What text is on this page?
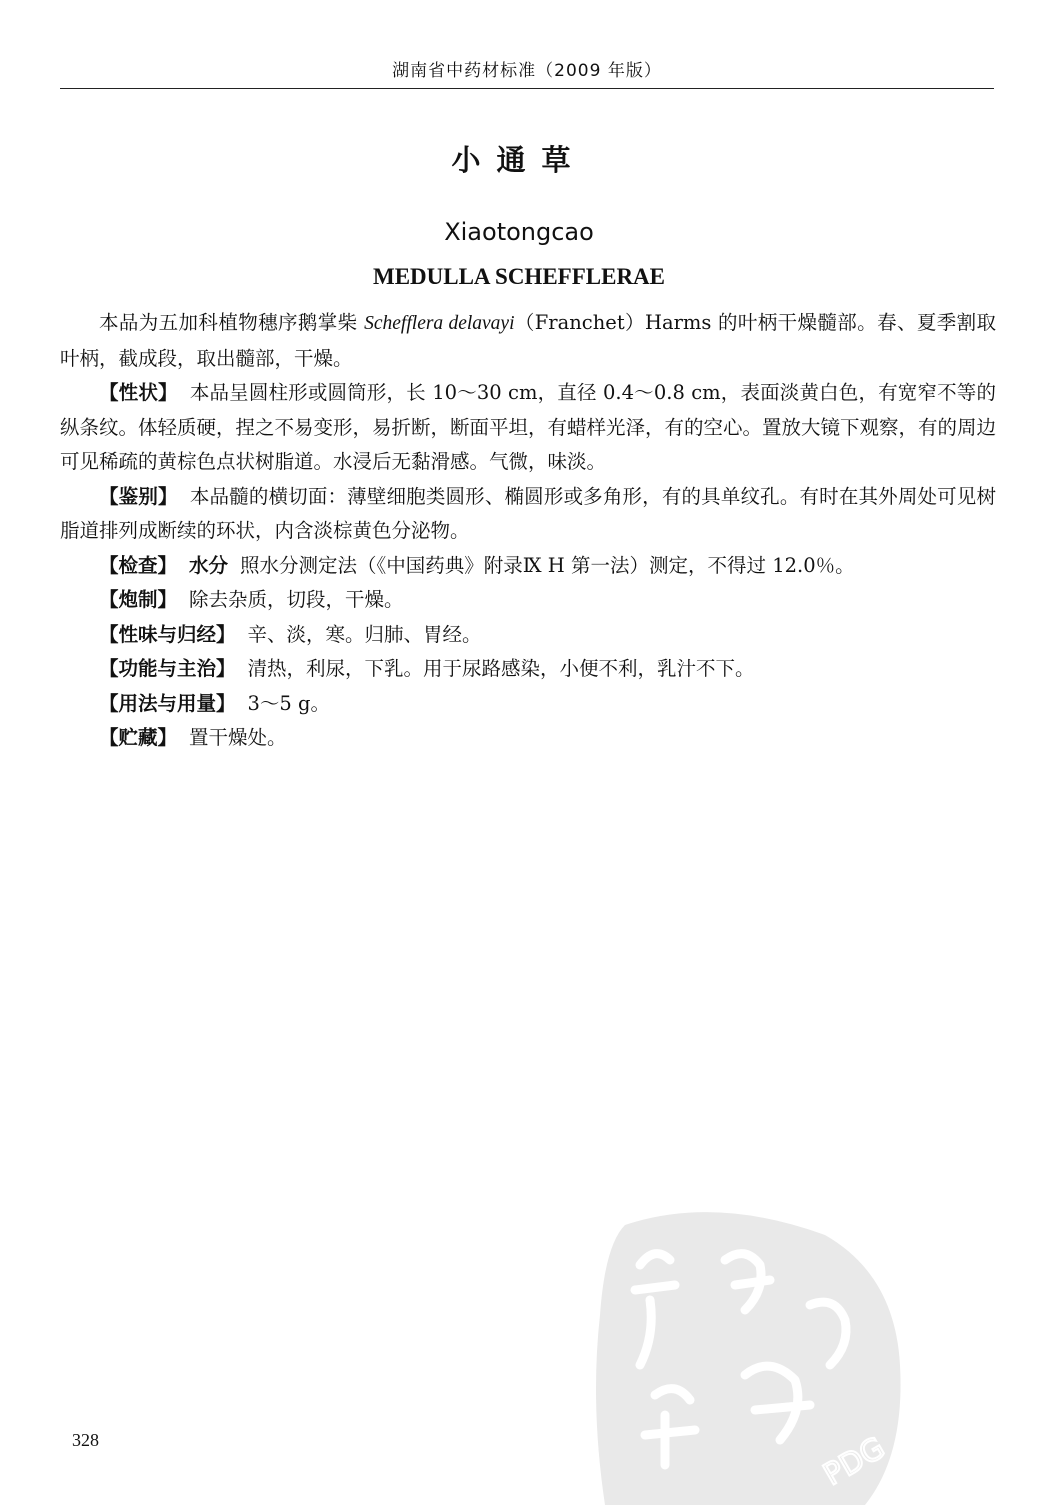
湖南省中药材标准（2009 年版）
小通草
Xiaotongcao
MEDULLA SCHEFFLERAE

本品为五加科植物穗序鹅掌柴 Schefflera delavayi（Franchet）Harms 的叶柄干燥髓部。春、夏季割取叶柄，截成段，取出髓部，干燥。

【性状】 本品呈圆柱形或圆筒形，长 10～30 cm，直径 0.4～0.8 cm，表面淡黄白色，有宽窄不等的纵条纹。体轻质硬，捏之不易变形，易折断，断面平坦，有蜡样光泽，有的空心。置放大镜下观察，有的周边可见稀疏的黄棕色点状树脂道。水浸后无黏滑感。气微，味淡。

【鉴别】 本品髓的横切面：薄壁细胞类圆形、椭圆形或多角形，有的具单纹孔。有时在其外周处可见树脂道排列成断续的环状，内含淡棕黄色分泌物。

【检查】 水分 照水分测定法（《中国药典》附录Ⅸ H 第一法）测定，不得过 12.0％。

【炮制】 除去杂质，切段，干燥。

【性味与归经】 辛、淡，寒。归肺、胃经。

【功能与主治】 清热，利尿，下乳。用于尿路感染，小便不利，乳汁不下。

【用法与用量】 3～5 g。

【贮藏】 置干燥处。

328	PDG
